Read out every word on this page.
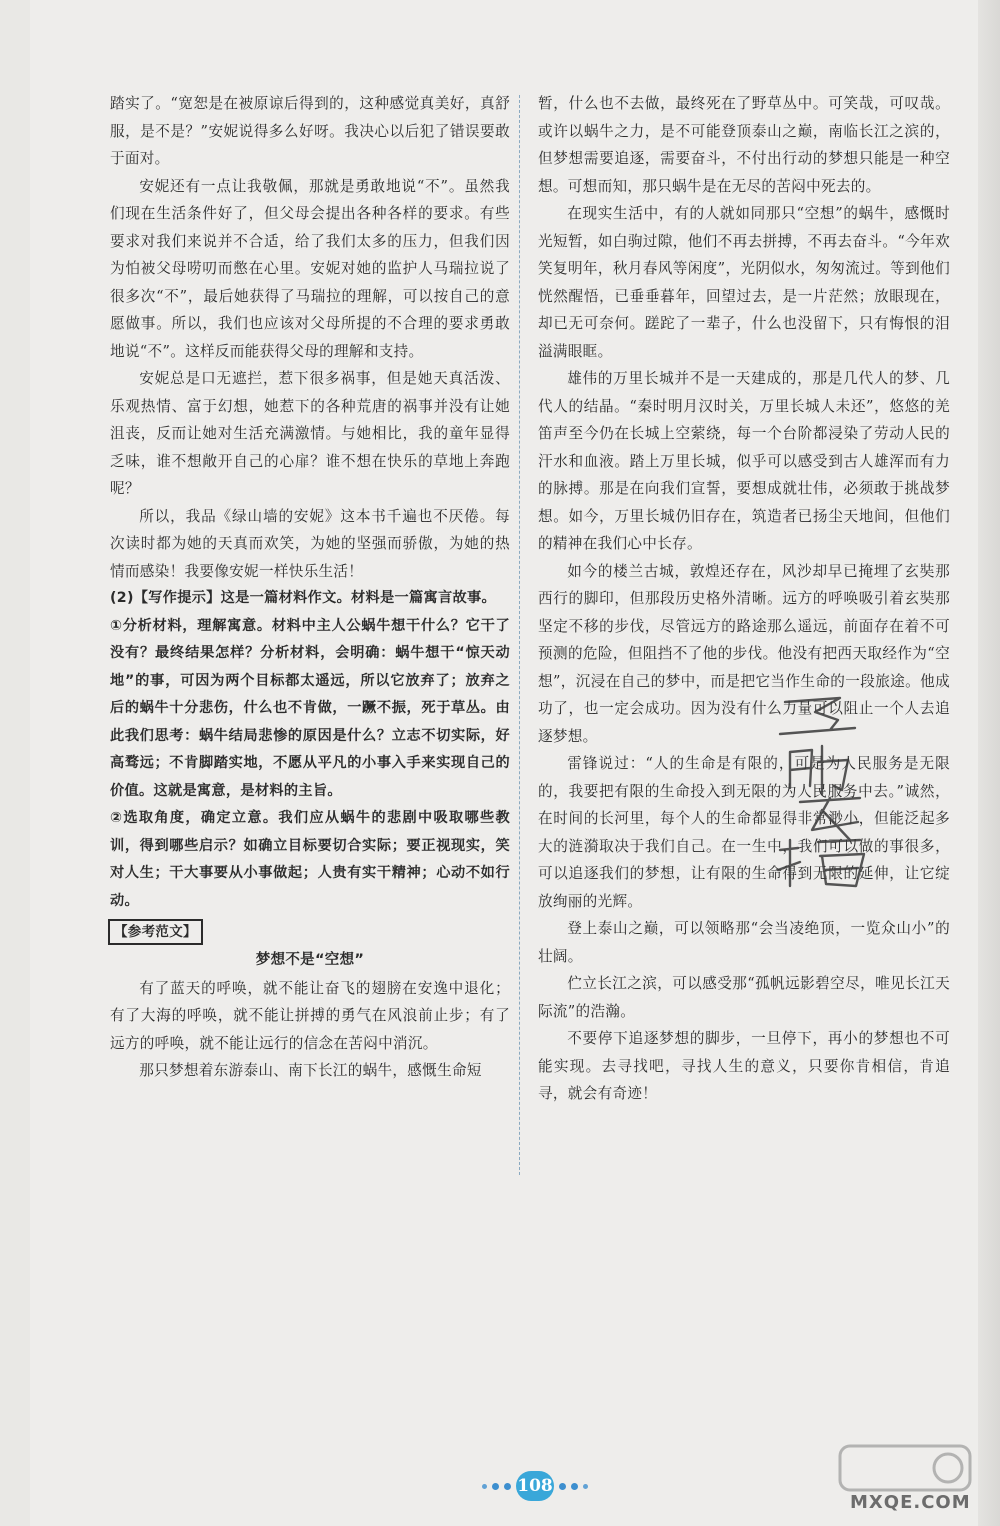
踏实了。“宽恕是在被原谅后得到的，这种感觉真美好，真舒服，是不是？”安妮说得多么好呀。我决心以后犯了错误要敢于面对。

安妮还有一点让我敬佩，那就是勇敢地说“不”。虽然我们现在生活条件好了，但父母会提出各种各样的要求。有些要求对我们来说并不合适，给了我们太多的压力，但我们因为怕被父母唠叨而憋在心里。安妮对她的监护人马瑞拉说了很多次“不”，最后她获得了马瑞拉的理解，可以按自己的意愿做事。所以，我们也应该对父母所提的不合理的要求勇敢地说“不”。这样反而能获得父母的理解和支持。

安妮总是口无遮拦，惹下很多祸事，但是她天真活泼、乐观热情、富于幻想，她惹下的各种荒唐的祸事并没有让她沮丧，反而让她对生活充满激情。与她相比，我的童年显得乏味，谁不想敞开自己的心扉？谁不想在快乐的草地上奔跑呢？

所以，我品《绿山墙的安妮》这本书千遍也不厌倦。每次读时都为她的天真而欢笑，为她的坚强而骄傲，为她的热情而感染！我要像安妮一样快乐生活！

(2)【写作提示】这是一篇材料作文。材料是一篇寓言故事。

①分析材料，理解寓意。材料中主人公蜗牛想干什么？它干了没有？最终结果怎样？分析材料，会明确：蜗牛想干“惊天动地”的事，可因为两个目标都太遥远，所以它放弃了；放弃之后的蜗牛十分悲伤，什么也不肯做，一蹶不振，死于草丛。由此我们思考：蜗牛结局悲惨的原因是什么？立志不切实际，好高骛远；不肯脚踏实地，不愿从平凡的小事入手来实现自己的价值。这就是寓意，是材料的主旨。

②选取角度，确定立意。我们应从蜗牛的悲剧中吸取哪些教训，得到哪些启示？如确立目标要切合实际；要正视现实，笑对人生；干大事要从小事做起；人贵有实干精神；心动不如行动。

【参考范文】

梦想不是“空想”

有了蓝天的呼唤，就不能让奋飞的翅膀在安逸中退化；有了大海的呼唤，就不能让拼搏的勇气在风浪前止步；有了远方的呼唤，就不能让远行的信念在苦闷中消沉。

那只梦想着东游泰山、南下长江的蜗牛，感慨生命短

暂，什么也不去做，最终死在了野草丛中。可笑哉，可叹哉。或许以蜗牛之力，是不可能登顶泰山之巅，南临长江之滨的，但梦想需要追逐，需要奋斗，不付出行动的梦想只能是一种空想。可想而知，那只蜗牛是在无尽的苦闷中死去的。

在现实生活中，有的人就如同那只“空想”的蜗牛，感慨时光短暂，如白驹过隙，他们不再去拼搏，不再去奋斗。“今年欢笑复明年，秋月春风等闲度”，光阴似水，匆匆流过。等到他们恍然醒悟，已垂垂暮年，回望过去，是一片茫然；放眼现在，却已无可奈何。蹉跎了一辈子，什么也没留下，只有悔恨的泪溢满眼眶。

雄伟的万里长城并不是一天建成的，那是几代人的梦、几代人的结晶。“秦时明月汉时关，万里长城人未还”，悠悠的羌笛声至今仍在长城上空萦绕，每一个台阶都浸染了劳动人民的汗水和血液。踏上万里长城，似乎可以感受到古人雄浑而有力的脉搏。那是在向我们宣誓，要想成就壮伟，必须敢于挑战梦想。如今，万里长城仍旧存在，筑造者已扬尘天地间，但他们的精神在我们心中长存。

如今的楼兰古城，敦煌还存在，风沙却早已掩埋了玄奘那西行的脚印，但那段历史格外清晰。远方的呼唤吸引着玄奘那坚定不移的步伐，尽管远方的路途那么遥远，前面存在着不可预测的危险，但阻挡不了他的步伐。他没有把西天取经作为“空想”，沉浸在自己的梦中，而是把它当作生命的一段旅途。他成功了，也一定会成功。因为没有什么力量可以阻止一个人去追逐梦想。

雷锋说过：“人的生命是有限的，可是为人民服务是无限的，我要把有限的生命投入到无限的为人民服务中去。”诚然，在时间的长河里，每个人的生命都显得非常渺小，但能泛起多大的涟漪取决于我们自己。在一生中，我们可以做的事很多，可以追逐我们的梦想，让有限的生命得到无限的延伸，让它绽放绚丽的光辉。

登上泰山之巅，可以领略那“会当凌绝顶，一览众山小”的壮阔。

伫立长江之滨，可以感受那“孤帆远影碧空尽，唯见长江天际流”的浩瀚。

不要停下追逐梦想的脚步，一旦停下，再小的梦想也不可能实现。去寻找吧，寻找人生的意义，只要你肯相信，肯追寻，就会有奇迹！

108
MXQE.COM
